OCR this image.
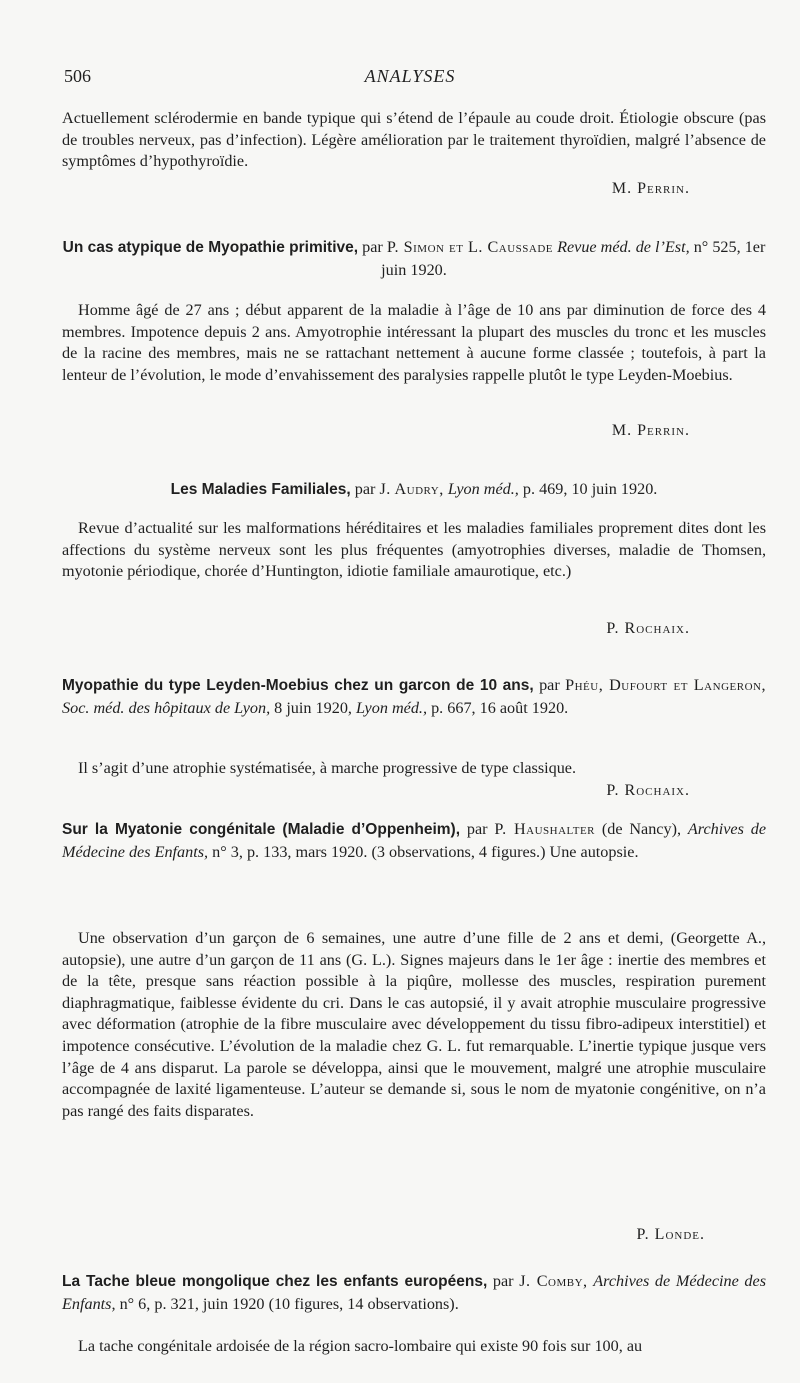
506	ANALYSES

Actuellement sclérodermie en bande typique qui s’étend de l’épaule au coude droit. Étiologie obscure (pas de troubles nerveux, pas d’infection). Légère amélioration par le traitement thyroïdien, malgré l’absence de symptômes d’hypothyroïdie.

M. Perrin.

Un cas atypique de Myopathie primitive, par P. Simon et L. Caussade Revue méd. de l’Est, n° 525, 1er juin 1920.

Homme âgé de 27 ans ; début apparent de la maladie à l’âge de 10 ans par diminution de force des 4 membres. Impotence depuis 2 ans. Amyotrophie intéressant la plupart des muscles du tronc et les muscles de la racine des membres, mais ne se rattachant nettement à aucune forme classée ; toutefois, à part la lenteur de l’évolution, le mode d’envahissement des paralysies rappelle plutôt le type Leyden-Moebius.

M. Perrin.

Les Maladies Familiales, par J. Audry, Lyon méd., p. 469, 10 juin 1920.

Revue d’actualité sur les malformations héréditaires et les maladies familiales proprement dites dont les affections du système nerveux sont les plus fréquentes (amyotrophies diverses, maladie de Thomsen, myotonie périodique, chorée d’Huntington, idiotie familiale amaurotique, etc.)

P. Rochaix.

Myopathie du type Leyden-Moebius chez un garcon de 10 ans, par Phéu, Dufourt et Langeron, Soc. méd. des hôpitaux de Lyon, 8 juin 1920, Lyon méd., p. 667, 16 août 1920.

Il s’agit d’une atrophie systématisée, à marche progressive de type classique.

P. Rochaix.

Sur la Myatonie congénitale (Maladie d’Oppenheim), par P. Haushalter (de Nancy), Archives de Médecine des Enfants, n° 3, p. 133, mars 1920. (3 observations, 4 figures.) Une autopsie.

Une observation d’un garçon de 6 semaines, une autre d’une fille de 2 ans et demi, (Georgette A., autopsie), une autre d’un garçon de 11 ans (G. L.). Signes majeurs dans le 1er âge : inertie des membres et de la tête, presque sans réaction possible à la piqûre, mollesse des muscles, respiration purement diaphragmatique, faiblesse évidente du cri. Dans le cas autopsié, il y avait atrophie musculaire progressive avec déformation (atrophie de la fibre musculaire avec développement du tissu fibro-adipeux interstitiel) et impotence consécutive. L’évolution de la maladie chez G. L. fut remarquable. L’inertie typique jusque vers l’âge de 4 ans disparut. La parole se développa, ainsi que le mouvement, malgré une atrophie musculaire accompagnée de laxité ligamenteuse. L’auteur se demande si, sous le nom de myatonie congénitive, on n’a pas rangé des faits disparates.

P. Londe.

La Tache bleue mongolique chez les enfants européens, par J. Comby, Archives de Médecine des Enfants, n° 6, p. 321, juin 1920 (10 figures, 14 observations).

La tache congénitale ardoisée de la région sacro-lombaire qui existe 90 fois sur 100, au
